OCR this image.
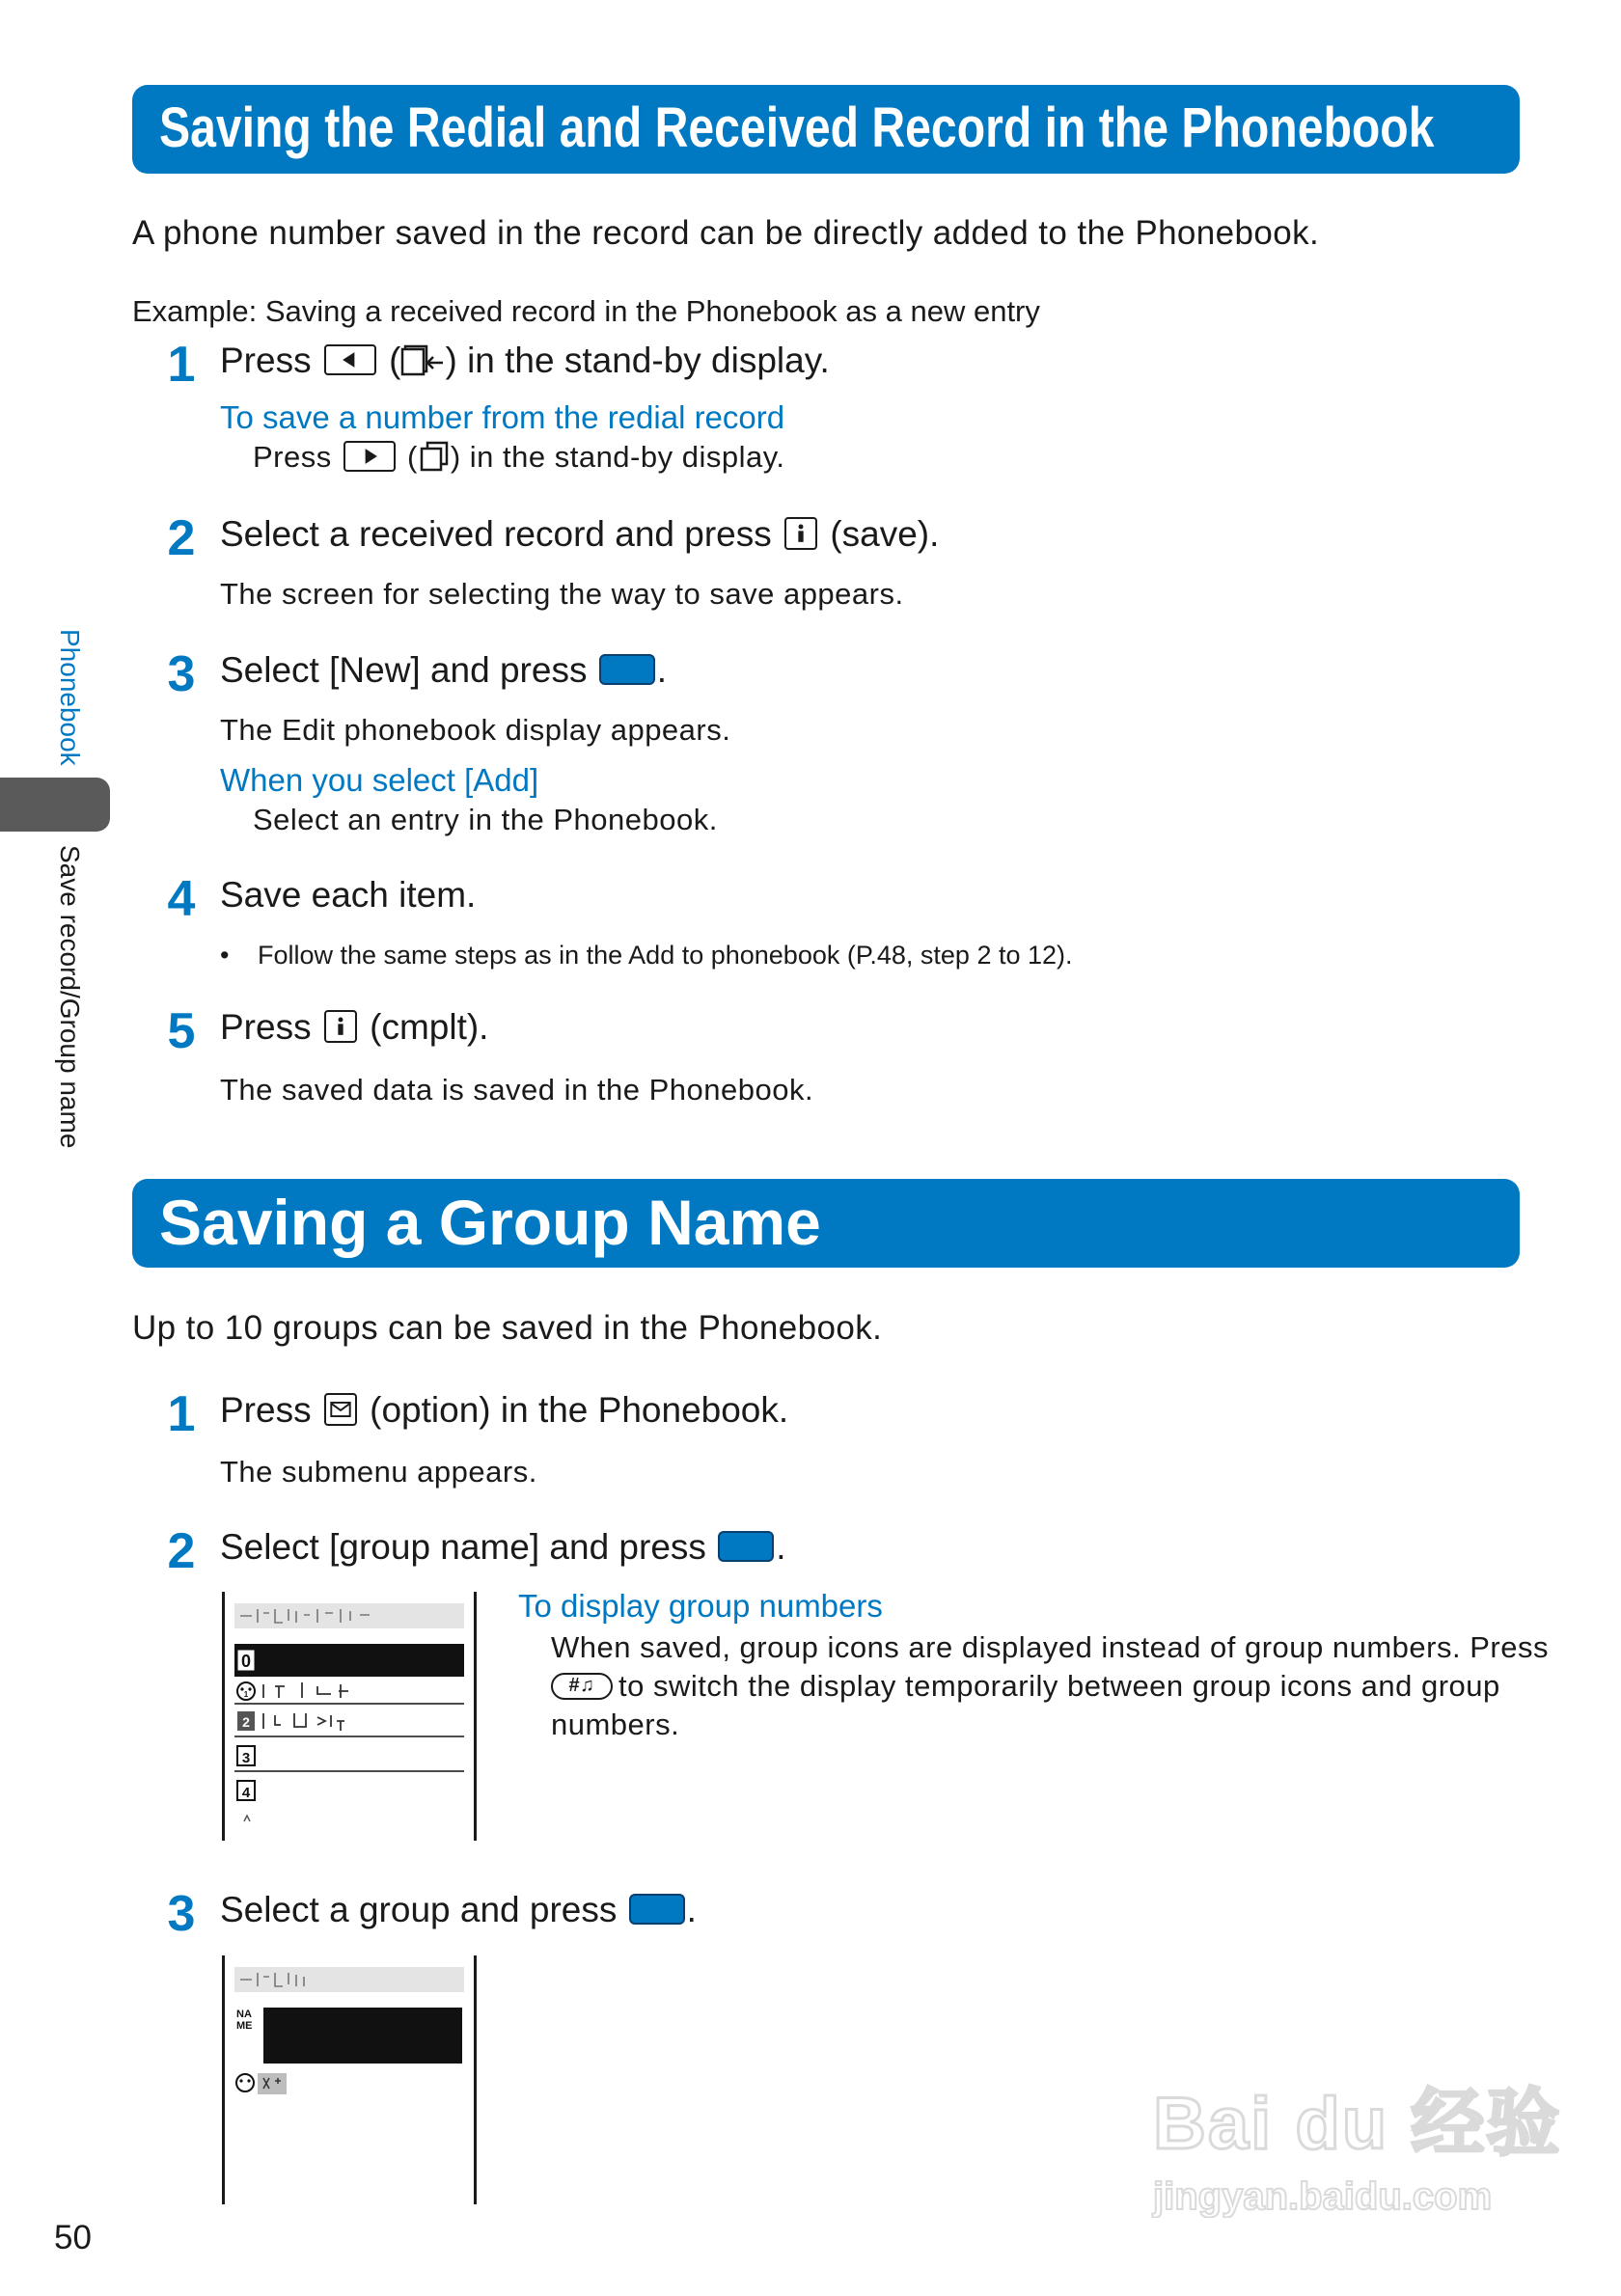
Phonebook
Save record/Group name
Saving the Redial and Received Record in the Phonebook
A phone number saved in the record can be directly added to the Phonebook.
Example: Saving a received record in the Phonebook as a new entry
1 Press ( ) in the stand-by display.
To save a number from the redial record
Press	( ) in the stand-by display.
2 Select a received record and press (save).
The screen for selecting the way to save appears.
3 Select [New] and press .
The Edit phonebook display appears.
When you select [Add]
Select an entry in the Phonebook.
4 Save each item.
• Follow the same steps as in the Add to phonebook (P.48, step 2 to 12).
5 Press (cmplt).
The saved data is saved in the Phonebook.
Saving a Group Name
Up to 10 groups can be saved in the Phonebook.
1 Press (option) in the Phonebook.
The submenu appears.
2 Select [group name] and press .
0
1
2
3
4
To display group numbers
When saved, group icons are displayed instead of group numbers. Press
#♫ to switch the display temporarily between group icons and group
numbers.
3 Select a group and press .
NA
ME
50
Bai du 经验
jingyan.baidu.com
